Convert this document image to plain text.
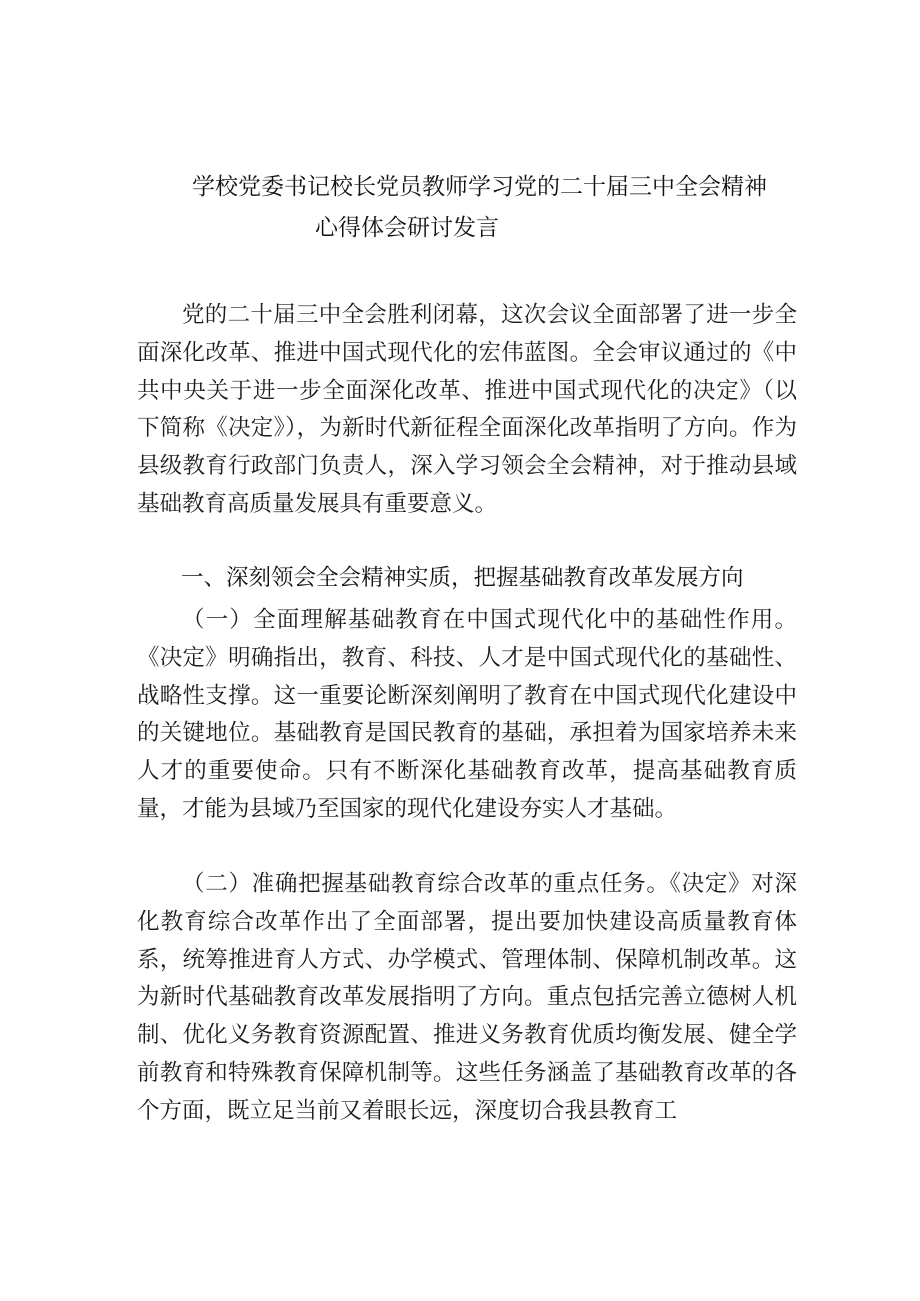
学校党委书记校长党员教师学习党的二十届三中全会精神
心得体会研讨发言

党的二十届三中全会胜利闭幕，这次会议全面部署了进一步全面深化改革、推进中国式现代化的宏伟蓝图。全会审议通过的《中共中央关于进一步全面深化改革、推进中国式现代化的决定》（以下简称《决定》），为新时代新征程全面深化改革指明了方向。作为县级教育行政部门负责人，深入学习领会全会精神，对于推动县域基础教育高质量发展具有重要意义。

一、深刻领会全会精神实质，把握基础教育改革发展方向

（一）全面理解基础教育在中国式现代化中的基础性作用。《决定》明确指出，教育、科技、人才是中国式现代化的基础性、战略性支撑。这一重要论断深刻阐明了教育在中国式现代化建设中的关键地位。基础教育是国民教育的基础，承担着为国家培养未来人才的重要使命。只有不断深化基础教育改革，提高基础教育质量，才能为县域乃至国家的现代化建设夯实人才基础。

（二）准确把握基础教育综合改革的重点任务。《决定》对深化教育综合改革作出了全面部署，提出要加快建设高质量教育体系，统筹推进育人方式、办学模式、管理体制、保障机制改革。这为新时代基础教育改革发展指明了方向。重点包括完善立德树人机制、优化义务教育资源配置、推进义务教育优质均衡发展、健全学前教育和特殊教育保障机制等。这些任务涵盖了基础教育改革的各个方面，既立足当前又着眼长远，深度切合我县教育工
